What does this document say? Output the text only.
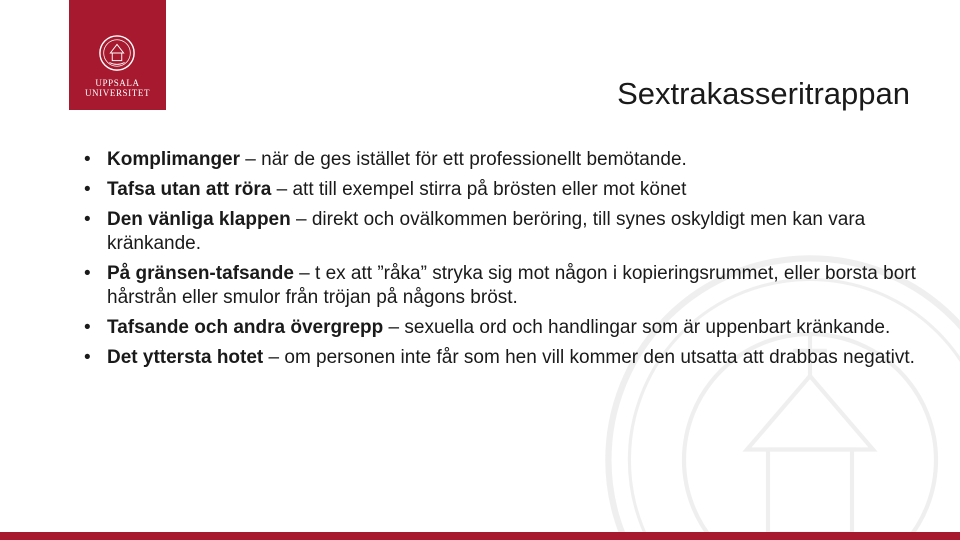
UPPSALA
UNIVERSITET	Sextrakasseritrappan
• Komplimanger – när de ges istället för ett professionellt bemötande.
• Tafsa utan att röra – att till exempel stirra på brösten eller mot könet
• Den vänliga klappen – direkt och ovälkommen beröring, till synes oskyldigt men kan vara kränkande.
• På gränsen-tafsande – t ex att ”råka” stryka sig mot någon i kopieringsrummet, eller borsta bort hårstrån eller smulor från tröjan på någons bröst.
• Tafsande och andra övergrepp – sexuella ord och handlingar som är uppenbart kränkande.
• Det yttersta hotet – om personen inte får som hen vill kommer den utsatta att drabbas negativt.
